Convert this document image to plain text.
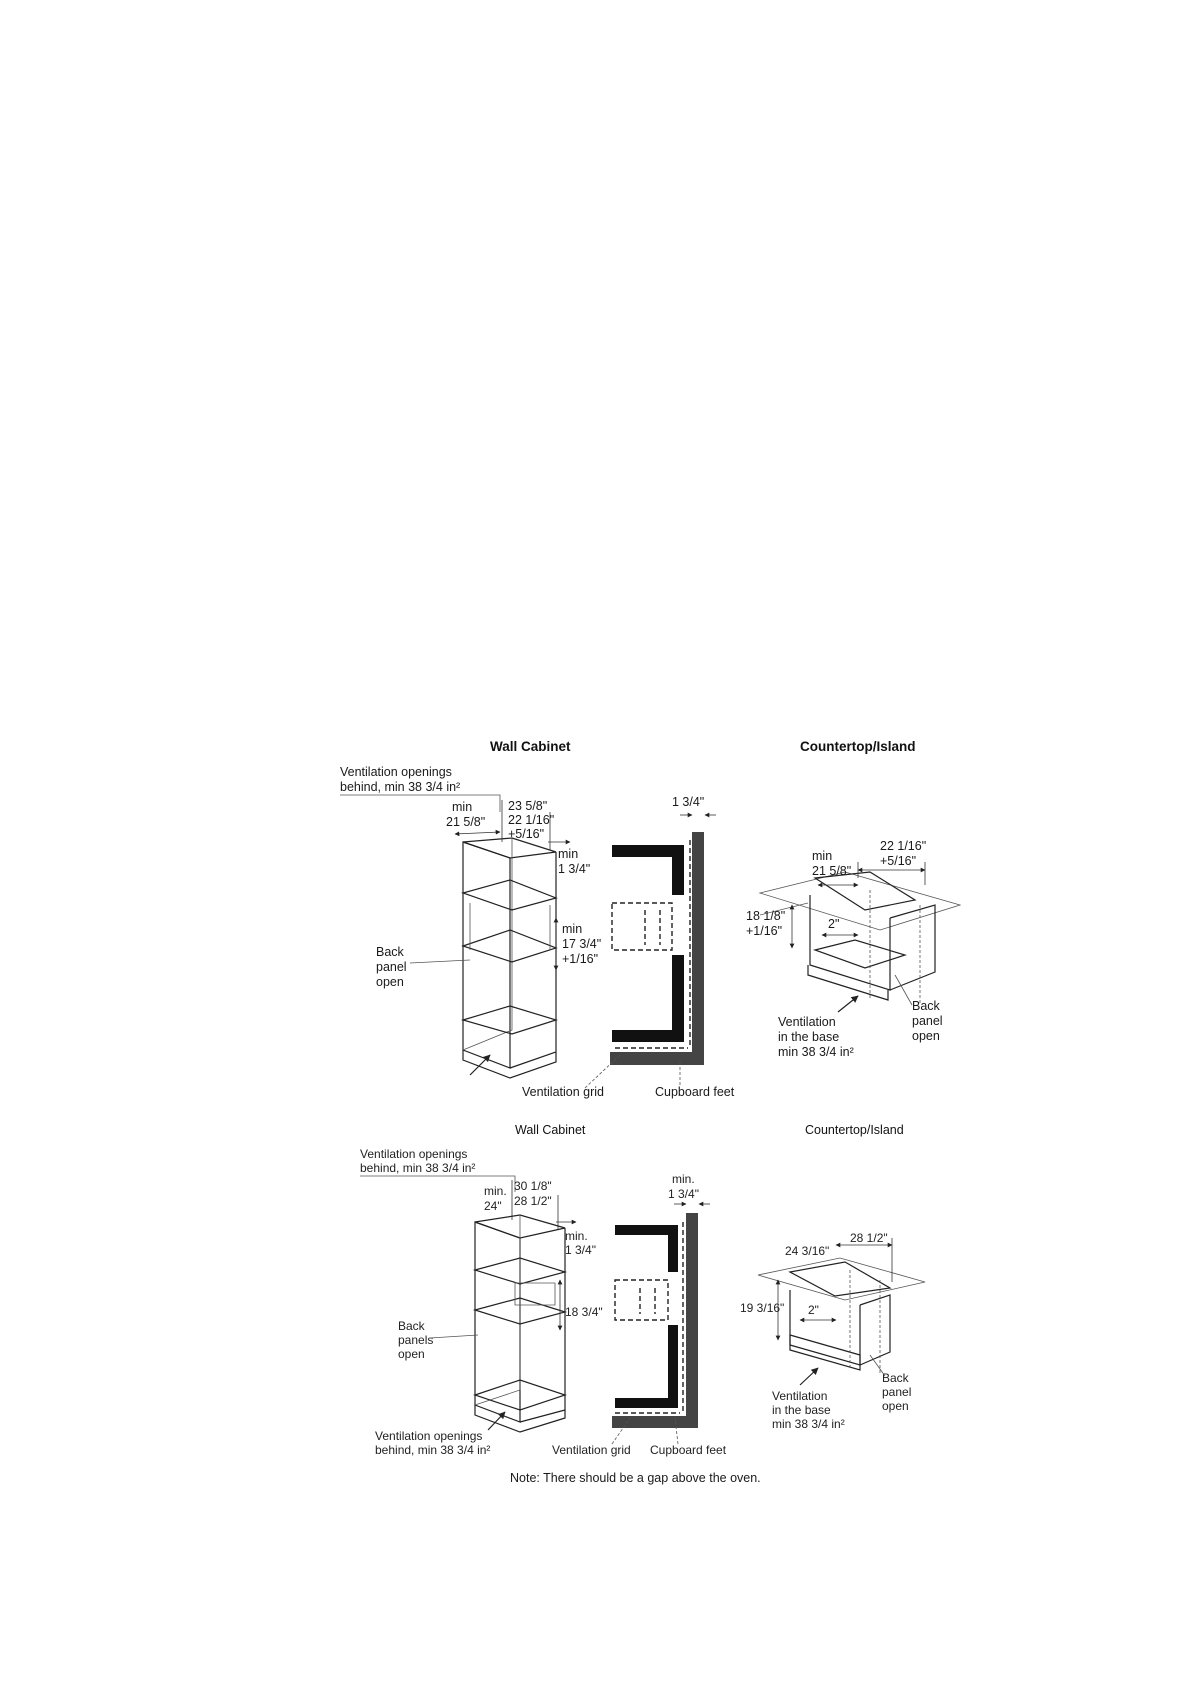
Wall Cabinet	Countertop/Island
Ventilation openings
behind, min 38 3/4 in²
min
21 5/8"
23 5/8"
22 1/16"
+5/16"
min
1 3/4"
min
17 3/4"
+1/16"
Back
panel
open
1 3/4"
Ventilation grid	Cupboard feet
min
21 5/8"
22 1/16"
+5/16"
18 1/8"
+1/16"	2"
Ventilation
in the base
min 38 3/4 in²
Back
panel
open
Wall Cabinet	Countertop/Island
Ventilation openings
behind, min 38 3/4 in²
min.
24"
30 1/8"
28 1/2"
min.
1 3/4"
18 3/4"
Back
panels
open
Ventilation openings
behind, min 38 3/4 in²
min.
1 3/4"
Ventilation grid Cupboard feet
24 3/16"
28 1/2"
19 3/16" 2"
Ventilation
in the base
min 38 3/4 in²
Back
panel
open
Note: There should be a gap above the oven.
